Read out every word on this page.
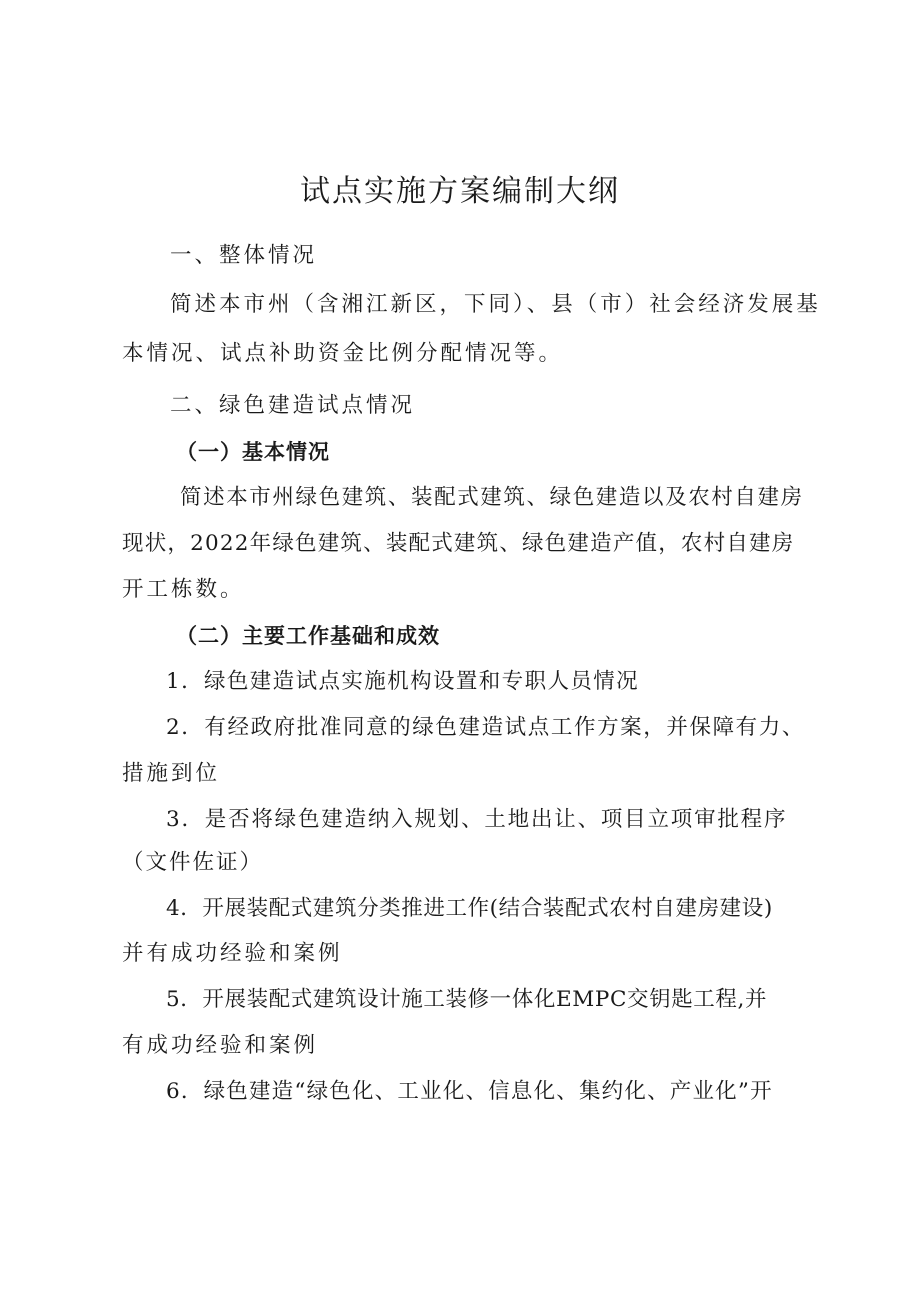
试点实施方案编制大纲
一、整体情况
简述本市州（含湘江新区，下同）、县（市）社会经济发展基
本情况、试点补助资金比例分配情况等。
二、绿色建造试点情况
（一）基本情况
简述本市州绿色建筑、装配式建筑、绿色建造以及农村自建房
现状，2022年绿色建筑、装配式建筑、绿色建造产值，农村自建房
开工栋数。
（二）主要工作基础和成效
1．绿色建造试点实施机构设置和专职人员情况
2．有经政府批准同意的绿色建造试点工作方案，并保障有力、
措施到位
3．是否将绿色建造纳入规划、土地出让、项目立项审批程序
（文件佐证）
4．开展装配式建筑分类推进工作(结合装配式农村自建房建设)
并有成功经验和案例
5．开展装配式建筑设计施工装修一体化EMPC交钥匙工程,并
有成功经验和案例
6．绿色建造“绿色化、工业化、信息化、集约化、产业化”开
